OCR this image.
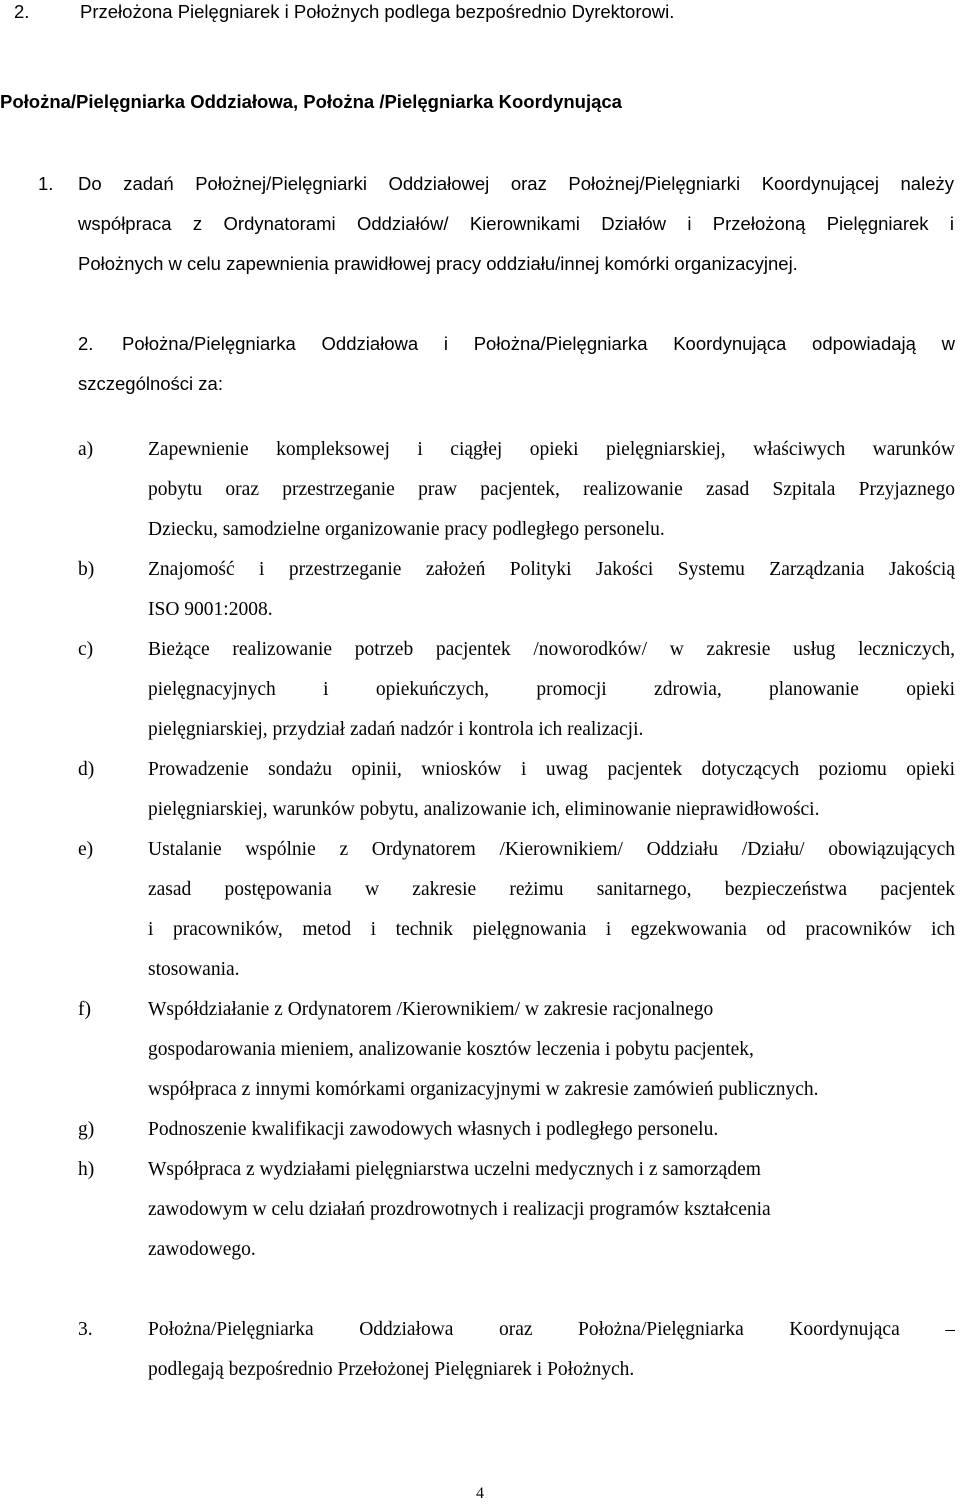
2.	Przełożona Pielęgniarek i Położnych podlega bezpośrednio Dyrektorowi.
Położna/Pielęgniarka Oddziałowa, Położna /Pielęgniarka Koordynująca
1. Do zadań Położnej/Pielęgniarki Oddziałowej oraz Położnej/Pielęgniarki Koordynującej należy
współpraca z Ordynatorami Oddziałów/ Kierownikami Działów i Przełożoną Pielęgniarek i
Położnych w celu zapewnienia prawidłowej pracy oddziału/innej komórki organizacyjnej.
2. Położna/Pielęgniarka Oddziałowa i Położna/Pielęgniarka Koordynująca odpowiadają w
szczególności za:
a)	Zapewnienie kompleksowej i ciągłej opieki pielęgniarskiej, właściwych warunków
pobytu oraz przestrzeganie praw pacjentek, realizowanie zasad Szpitala Przyjaznego
Dziecku, samodzielne organizowanie pracy podległego personelu.
b)	Znajomość i przestrzeganie założeń Polityki Jakości Systemu Zarządzania Jakością
ISO 9001:2008.
c)	Bieżące realizowanie potrzeb pacjentek /noworodków/ w zakresie usług leczniczych,
pielęgnacyjnych i opiekuńczych, promocji zdrowia, planowanie opieki
pielęgniarskiej, przydział zadań nadzór i kontrola ich realizacji.
d)	Prowadzenie sondażu opinii, wniosków i uwag pacjentek dotyczących poziomu opieki
pielęgniarskiej, warunków pobytu, analizowanie ich, eliminowanie nieprawidłowości.
e)	Ustalanie wspólnie z Ordynatorem /Kierownikiem/ Oddziału /Działu/ obowiązujących
zasad postępowania w zakresie reżimu sanitarnego, bezpieczeństwa pacjentek
i pracowników, metod i technik pielęgnowania i egzekwowania od pracowników ich
stosowania.
f)	Współdziałanie z Ordynatorem /Kierownikiem/ w zakresie racjonalnego
gospodarowania mieniem, analizowanie kosztów leczenia i pobytu pacjentek,
współpraca z innymi komórkami organizacyjnymi w zakresie zamówień publicznych.
g)	Podnoszenie kwalifikacji zawodowych własnych i podległego personelu.
h)	Współpraca z wydziałami pielęgniarstwa uczelni medycznych i z samorządem
zawodowym w celu działań prozdrowotnych i realizacji programów kształcenia
zawodowego.
3.	Położna/Pielęgniarka Oddziałowa oraz Położna/Pielęgniarka Koordynująca –
podlegają bezpośrednio Przełożonej Pielęgniarek i Położnych.
4
